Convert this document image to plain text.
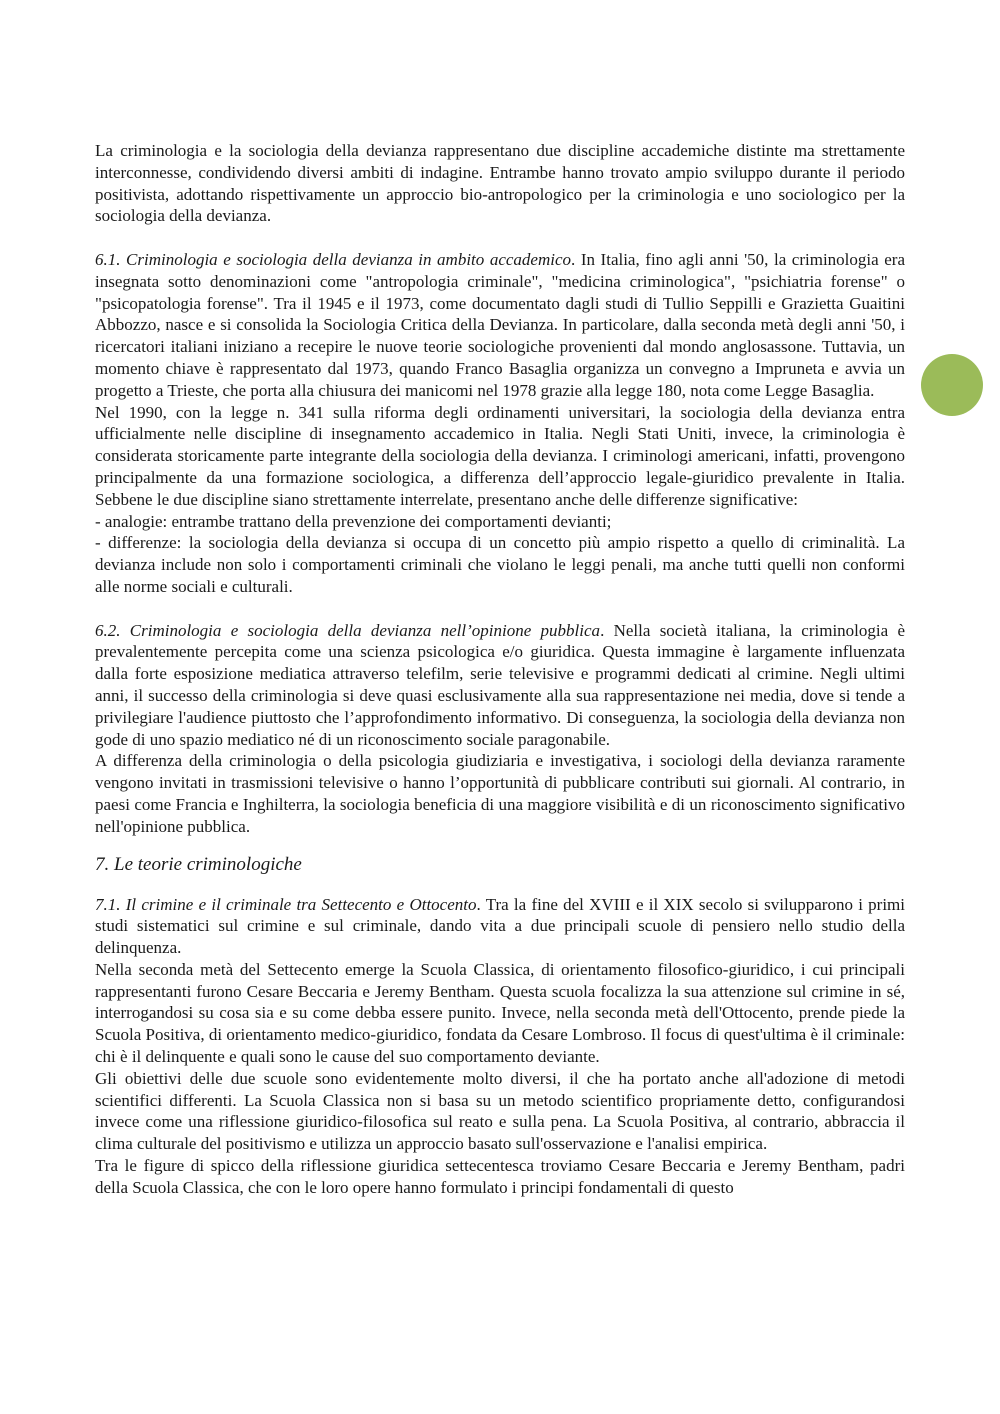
La criminologia e la sociologia della devianza rappresentano due discipline accademiche distinte ma strettamente interconnesse, condividendo diversi ambiti di indagine. Entrambe hanno trovato ampio sviluppo durante il periodo positivista, adottando rispettivamente un approccio bio-antropologico per la criminologia e uno sociologico per la sociologia della devianza.

6.1. Criminologia e sociologia della devianza in ambito accademico. In Italia, fino agli anni '50, la criminologia era insegnata sotto denominazioni come "antropologia criminale", "medicina criminologica", "psichiatria forense" o "psicopatologia forense". Tra il 1945 e il 1973, come documentato dagli studi di Tullio Seppilli e Grazietta Guaitini Abbozzo, nasce e si consolida la Sociologia Critica della Devianza. In particolare, dalla seconda metà degli anni '50, i ricercatori italiani iniziano a recepire le nuove teorie sociologiche provenienti dal mondo anglosassone. Tuttavia, un momento chiave è rappresentato dal 1973, quando Franco Basaglia organizza un convegno a Impruneta e avvia un progetto a Trieste, che porta alla chiusura dei manicomi nel 1978 grazie alla legge 180, nota come Legge Basaglia.

Nel 1990, con la legge n. 341 sulla riforma degli ordinamenti universitari, la sociologia della devianza entra ufficialmente nelle discipline di insegnamento accademico in Italia. Negli Stati Uniti, invece, la criminologia è considerata storicamente parte integrante della sociologia della devianza. I criminologi americani, infatti, provengono principalmente da una formazione sociologica, a differenza dell’approccio legale-giuridico prevalente in Italia. Sebbene le due discipline siano strettamente interrelate, presentano anche delle differenze significative:

- analogie: entrambe trattano della prevenzione dei comportamenti devianti;

- differenze: la sociologia della devianza si occupa di un concetto più ampio rispetto a quello di criminalità. La devianza include non solo i comportamenti criminali che violano le leggi penali, ma anche tutti quelli non conformi alle norme sociali e culturali.

6.2. Criminologia e sociologia della devianza nell’opinione pubblica. Nella società italiana, la criminologia è prevalentemente percepita come una scienza psicologica e/o giuridica. Questa immagine è largamente influenzata dalla forte esposizione mediatica attraverso telefilm, serie televisive e programmi dedicati al crimine. Negli ultimi anni, il successo della criminologia si deve quasi esclusivamente alla sua rappresentazione nei media, dove si tende a privilegiare l'audience piuttosto che l’approfondimento informativo. Di conseguenza, la sociologia della devianza non gode di uno spazio mediatico né di un riconoscimento sociale paragonabile.

A differenza della criminologia o della psicologia giudiziaria e investigativa, i sociologi della devianza raramente vengono invitati in trasmissioni televisive o hanno l’opportunità di pubblicare contributi sui giornali. Al contrario, in paesi come Francia e Inghilterra, la sociologia beneficia di una maggiore visibilità e di un riconoscimento significativo nell'opinione pubblica.

7. Le teorie criminologiche

7.1. Il crimine e il criminale tra Settecento e Ottocento. Tra la fine del XVIII e il XIX secolo si svilupparono i primi studi sistematici sul crimine e sul criminale, dando vita a due principali scuole di pensiero nello studio della delinquenza.

Nella seconda metà del Settecento emerge la Scuola Classica, di orientamento filosofico-giuridico, i cui principali rappresentanti furono Cesare Beccaria e Jeremy Bentham. Questa scuola focalizza la sua attenzione sul crimine in sé, interrogandosi su cosa sia e su come debba essere punito. Invece, nella seconda metà dell'Ottocento, prende piede la Scuola Positiva, di orientamento medico-giuridico, fondata da Cesare Lombroso. Il focus di quest'ultima è il criminale: chi è il delinquente e quali sono le cause del suo comportamento deviante.

Gli obiettivi delle due scuole sono evidentemente molto diversi, il che ha portato anche all'adozione di metodi scientifici differenti. La Scuola Classica non si basa su un metodo scientifico propriamente detto, configurandosi invece come una riflessione giuridico-filosofica sul reato e sulla pena. La Scuola Positiva, al contrario, abbraccia il clima culturale del positivismo e utilizza un approccio basato sull'osservazione e l'analisi empirica.

Tra le figure di spicco della riflessione giuridica settecentesca troviamo Cesare Beccaria e Jeremy Bentham, padri della Scuola Classica, che con le loro opere hanno formulato i principi fondamentali di questo
